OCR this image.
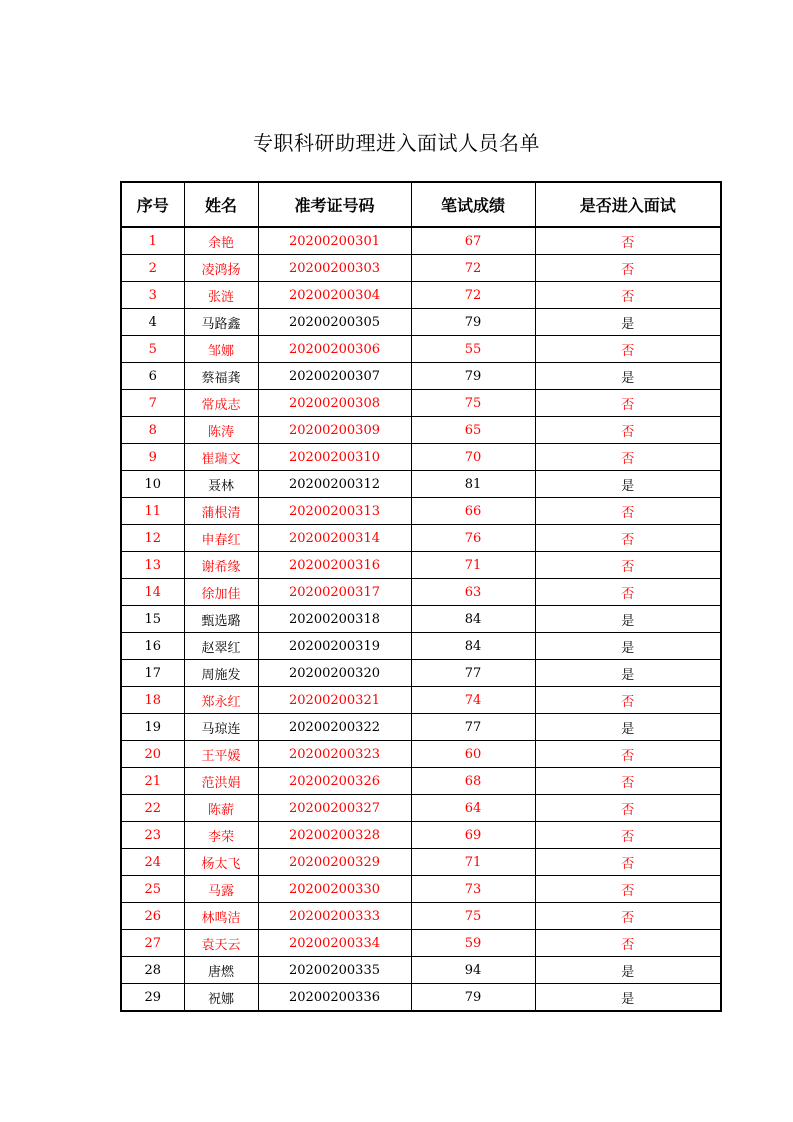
专职科研助理进入面试人员名单
序号	姓名	准考证号码	笔试成绩	是否进入面试
1	余艳	20200200301	67	否
2	凌鸿扬	20200200303	72	否
3	张涟	20200200304	72	否
4	马路鑫	20200200305	79	是
5	邹娜	20200200306	55	否
6	蔡福龚	20200200307	79	是
7	常成志	20200200308	75	否
8	陈涛	20200200309	65	否
9	崔瑞文	20200200310	70	否
10	聂林	20200200312	81	是
11	蒲根清	20200200313	66	否
12	申春红	20200200314	76	否
13	谢希缘	20200200316	71	否
14	徐加佳	20200200317	63	否
15	甄选璐	20200200318	84	是
16	赵翠红	20200200319	84	是
17	周施发	20200200320	77	是
18	郑永红	20200200321	74	否
19	马琼连	20200200322	77	是
20	王平媛	20200200323	60	否
21	范洪娟	20200200326	68	否
22	陈薪	20200200327	64	否
23	李荣	20200200328	69	否
24	杨太飞	20200200329	71	否
25	马露	20200200330	73	否
26	林鸣洁	20200200333	75	否
27	袁天云	20200200334	59	否
28	唐燃	20200200335	94	是
29	祝娜	20200200336	79	是
